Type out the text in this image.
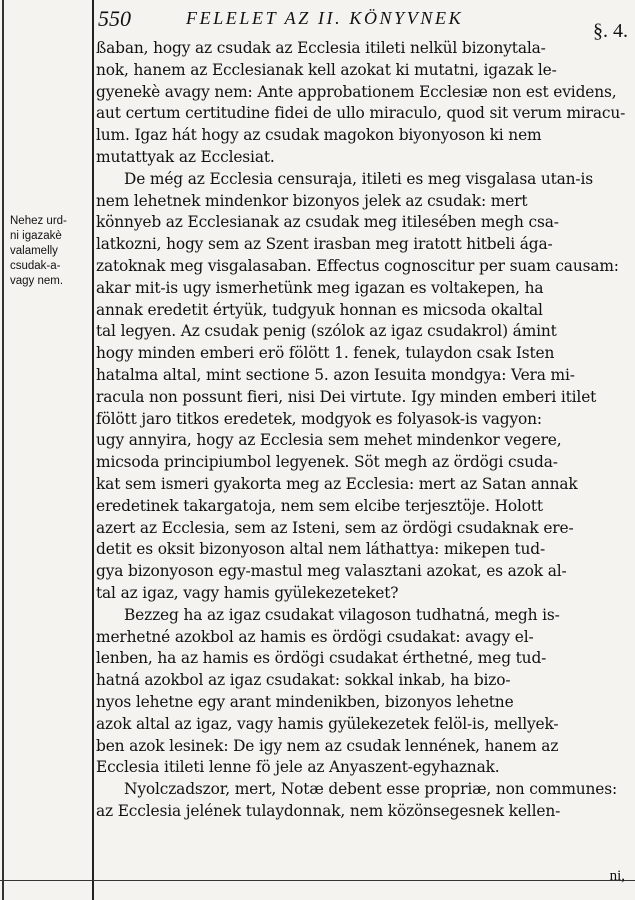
550	FELELET AZ II. KÖNYVNEK
§. 4.
Nehez urd-
ni igazakè
valamelly
csudak-a-
vagy nem.
ßaban, hogy az csudak az Ecclesia itileti nelkül bizonytala-
nok, hanem az Ecclesianak kell azokat ki mutatni, igazak le-
gyenekè avagy nem: Ante approbationem Ecclesiæ non est evidens,
aut certum certitudine fidei de ullo miraculo, quod sit verum miracu-
lum. Igaz hát hogy az csudak magokon biyonyoson ki nem
mutattyak az Ecclesiat.
De még az Ecclesia censuraja, itileti es meg visgalasa utan-is
nem lehetnek mindenkor bizonyos jelek az csudak: mert
könnyeb az Ecclesianak az csudak meg itilesében megh csa-
latkozni, hogy sem az Szent irasban meg iratott hitbeli ága-
zatoknak meg visgalasaban. Effectus cognoscitur per suam causam:
akar mit-is ugy ismerhetünk meg igazan es voltakepen, ha
annak eredetit értyük, tudgyuk honnan es micsoda okaltal
tal legyen. Az csudak penig (szólok az igaz csudakrol) ámint
hogy minden emberi erö fölött 1. fenek, tulaydon csak Isten
hatalma altal, mint sectione 5. azon Iesuita mondgya: Vera mi-
racula non possunt fieri, nisi Dei virtute. Igy minden emberi itilet
fölött jaro titkos eredetek, modgyok es folyasok-is vagyon:
ugy annyira, hogy az Ecclesia sem mehet mindenkor vegere,
micsoda principiumbol legyenek. Söt megh az ördögi csuda-
kat sem ismeri gyakorta meg az Ecclesia: mert az Satan annak
eredetinek takargatoja, nem sem elcibe terjesztöje. Holott
azert az Ecclesia, sem az Isteni, sem az ördögi csudaknak ere-
detit es oksit bizonyoson altal nem láthattya: mikepen tud-
gya bizonyoson egy-mastul meg valasztani azokat, es azok al-
tal az igaz, vagy hamis gyülekezeteket?
Bezzeg ha az igaz csudakat vilagoson tudhatná, megh is-
merhetné azokbol az hamis es ördögi csudakat: avagy el-
lenben, ha az hamis es ördögi csudakat érthetné, meg tud-
hatná azokbol az igaz csudakat: sokkal inkab, ha bizo-
nyos lehetne egy arant mindenikben, bizonyos lehetne
azok altal az igaz, vagy hamis gyülekezetek felöl-is, mellyek-
ben azok lesinek: De igy nem az csudak lennének, hanem az
Ecclesia itileti lenne fö jele az Anyaszent-egyhaznak.
Nyolczadszor, mert, Notæ debent esse propriæ, non communes:
az Ecclesia jelének tulaydonnak, nem közönsegesnek kellen-
ni,
